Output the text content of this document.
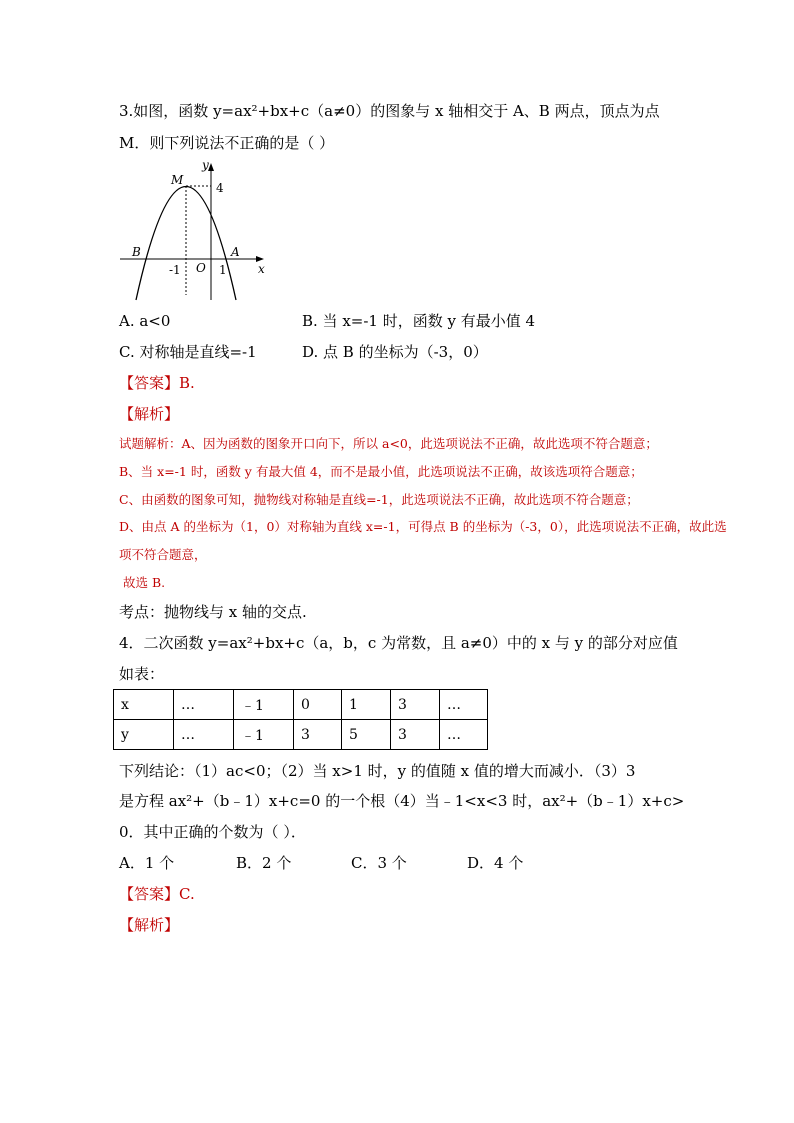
3.如图，函数 y=ax²+bx+c（a≠0）的图象与 x 轴相交于 A、B 两点，顶点为点
M．则下列说法不正确的是（ ）
y
x
M
4
B	A
-1 O 1
A. a<0	B. 当 x=-1 时，函数 y 有最小值 4
C. 对称轴是直线=-1	D. 点 B 的坐标为（-3，0）
【答案】B.
【解析】
试题解析：A、因为函数的图象开口向下，所以 a<0，此选项说法不正确，故此选项不符合题意；
B、当 x=-1 时，函数 y 有最大值 4，而不是最小值，此选项说法不正确，故该选项符合题意；
C、由函数的图象可知，抛物线对称轴是直线=-1，此选项说法不正确，故此选项不符合题意；
D、由点 A 的坐标为（1，0）对称轴为直线 x=-1，可得点 B 的坐标为（-3，0），此选项说法不正确，故此选
项不符合题意，
故选 B.
考点：抛物线与 x 轴的交点.
4．二次函数 y=ax²+bx+c（a，b，c 为常数，且 a≠0）中的 x 与 y 的部分对应值
如表：
x	…	﹣1	0	1	3	…
y	…	﹣1	3	5	3	…
下列结论：（1）ac<0；（2）当 x>1 时，y 的值随 x 值的增大而减小．（3）3
是方程 ax²+（b﹣1）x+c=0 的一个根（4）当﹣1<x<3 时，ax²+（b﹣1）x+c>
0．其中正确的个数为（ ）．
A．1 个	B．2 个	C．3 个	D．4 个
【答案】C.
【解析】
